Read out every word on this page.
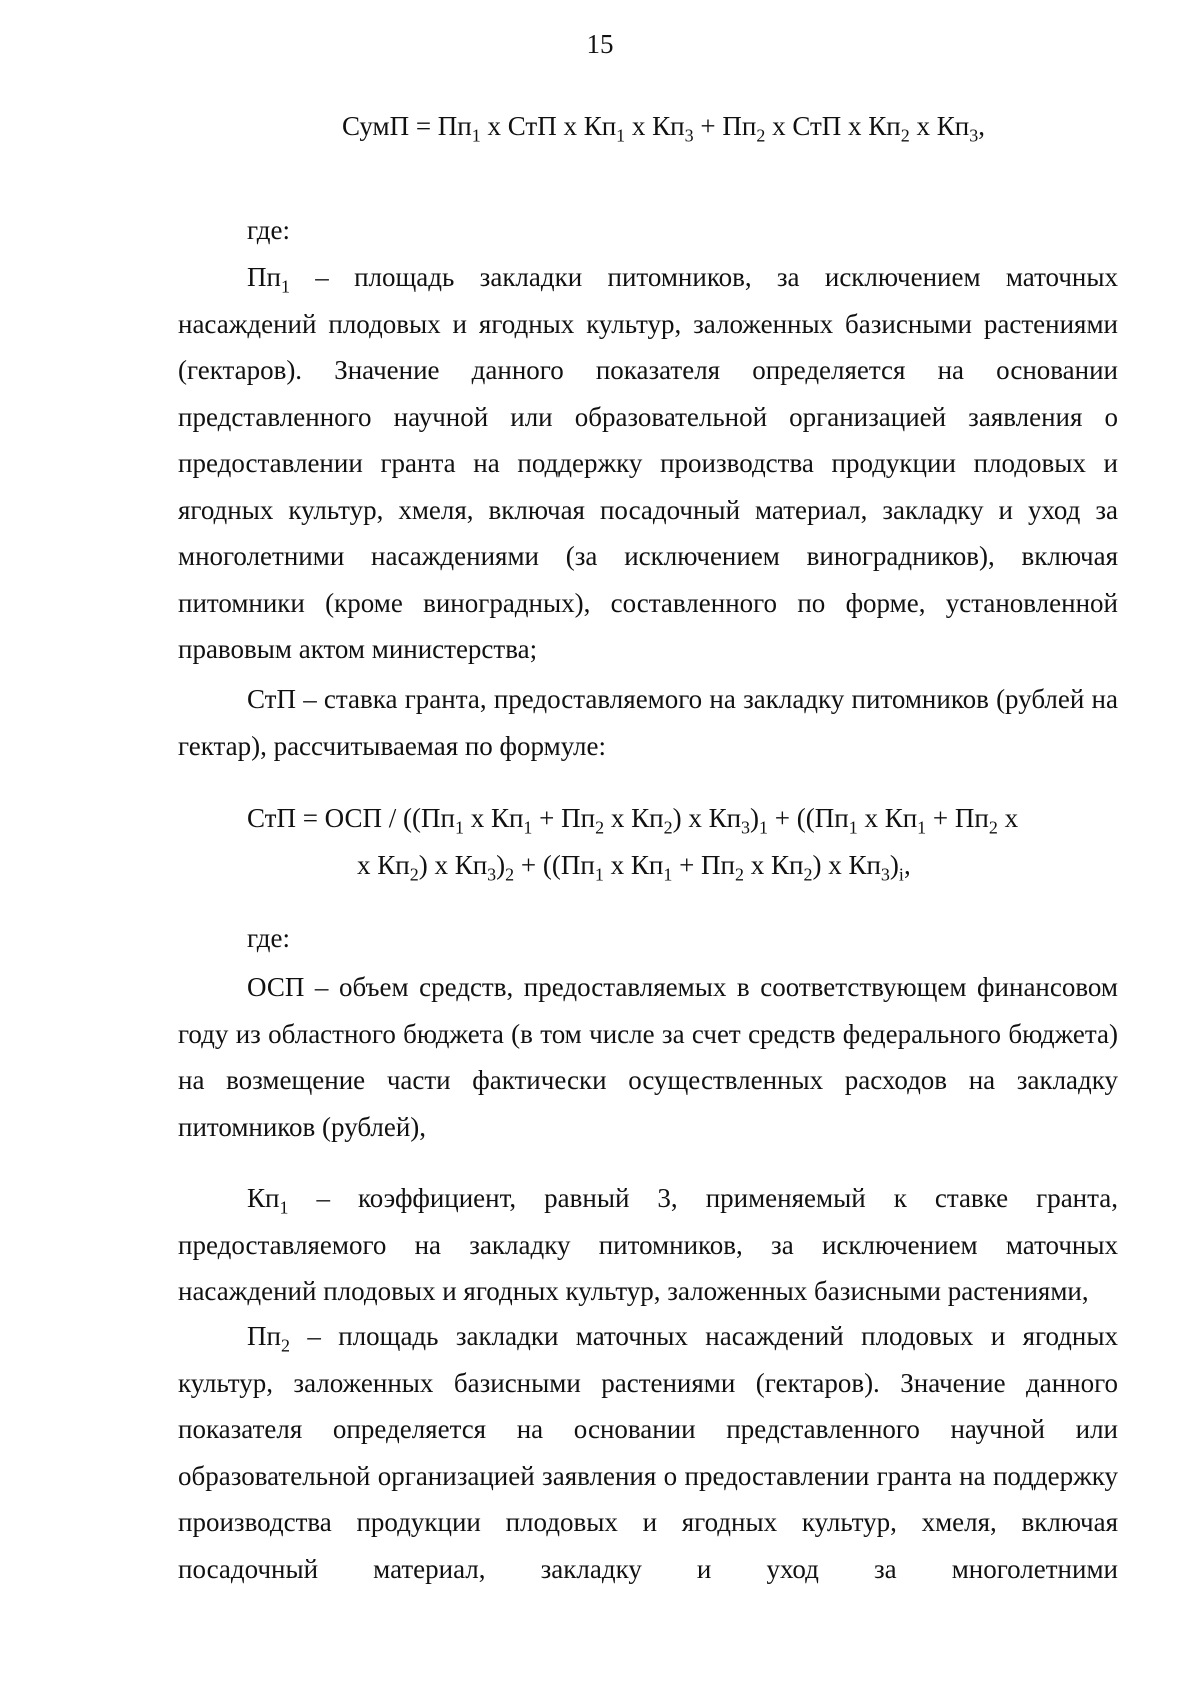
15
СумП = $Пп_1$ х СтП х $Кп_1$ х $Кп_3 + Пп_2$ х СтП х $Кп_2$ х $Кп_3$,
где:
$Пп_1$ – площадь закладки питомников, за исключением маточных насаждений плодовых и ягодных культур, заложенных базисными растениями (гектаров). Значение данного показателя определяется на основании представленного научной или образовательной организацией заявления о предоставлении гранта на поддержку производства продукции плодовых и ягодных культур, хмеля, включая посадочный материал, закладку и уход за многолетними насаждениями (за исключением виноградников), включая питомники (кроме виноградных), составленного по форме, установленной правовым актом министерства;
СтП – ставка гранта, предоставляемого на закладку питомников (рублей на гектар), рассчитываемая по формуле:
СтП = ОСП / (($Пп_1$ х $Кп_1 + Пп_2$ х $Кп_2$) х $Кп_3)_1 + ((Пп_1$ х $Кп_1 + Пп_2$ х
х $Кп_2$) х $Кп_3)_2 + ((Пп_1$ х $Кп_1 + Пп_2$ х $Кп_2$) х $Кп_3)_i$,
где:
ОСП – объем средств, предоставляемых в соответствующем финансовом году из областного бюджета (в том числе за счет средств федерального бюджета) на возмещение части фактически осуществленных расходов на закладку питомников (рублей),
$Кп_1$ – коэффициент, равный 3, применяемый к ставке гранта, предоставляемого на закладку питомников, за исключением маточных насаждений плодовых и ягодных культур, заложенных базисными растениями,
$Пп_2$ – площадь закладки маточных насаждений плодовых и ягодных культур, заложенных базисными растениями (гектаров). Значение данного показателя определяется на основании представленного научной или образовательной организацией заявления о предоставлении гранта на поддержку производства продукции плодовых и ягодных культур, хмеля, включая посадочный материал, закладку и уход за многолетними
